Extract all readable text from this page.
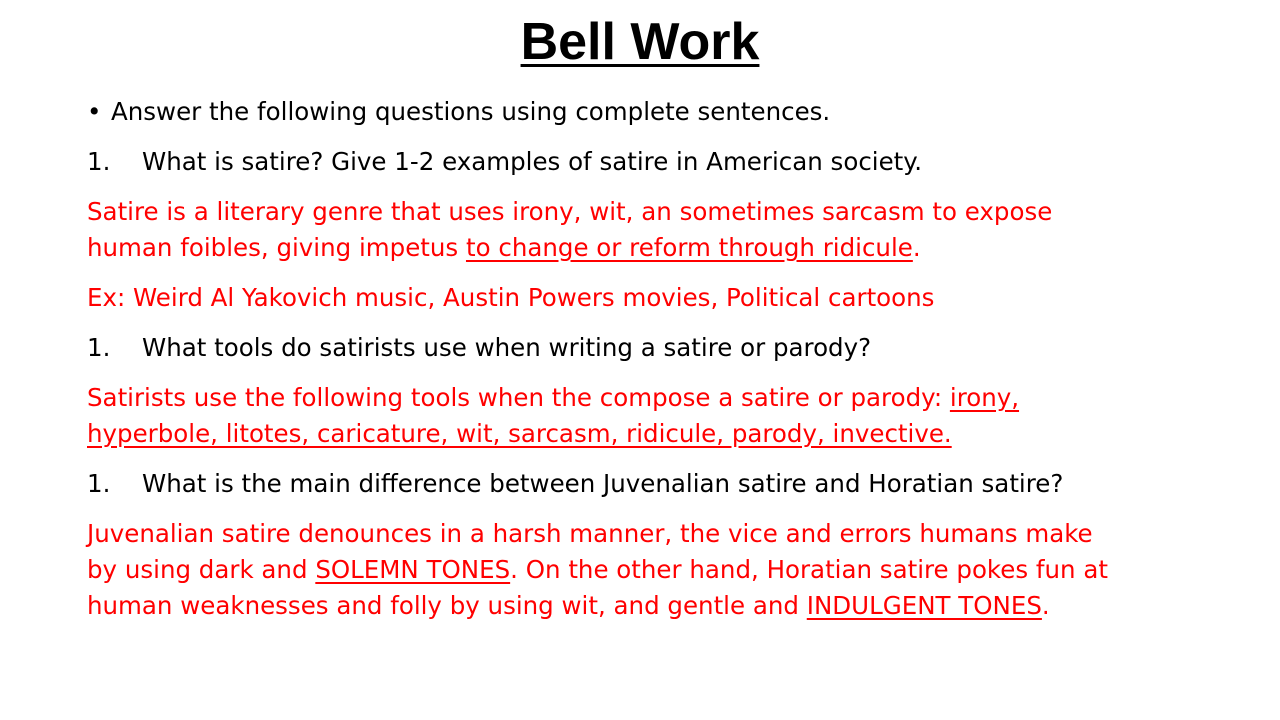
Bell Work
• Answer the following questions using complete sentences.
1. What is satire? Give 1-2 examples of satire in American society.
Satire is a literary genre that uses irony, wit, an sometimes sarcasm to expose
human foibles, giving impetus to change or reform through ridicule.
Ex: Weird Al Yakovich music, Austin Powers movies, Political cartoons
1. What tools do satirists use when writing a satire or parody?
Satirists use the following tools when the compose a satire or parody: irony,
hyperbole, litotes, caricature, wit, sarcasm, ridicule, parody, invective.
1. What is the main difference between Juvenalian satire and Horatian satire?
Juvenalian satire denounces in a harsh manner, the vice and errors humans make
by using dark and SOLEMN TONES. On the other hand, Horatian satire pokes fun at
human weaknesses and folly by using wit, and gentle and INDULGENT TONES.
